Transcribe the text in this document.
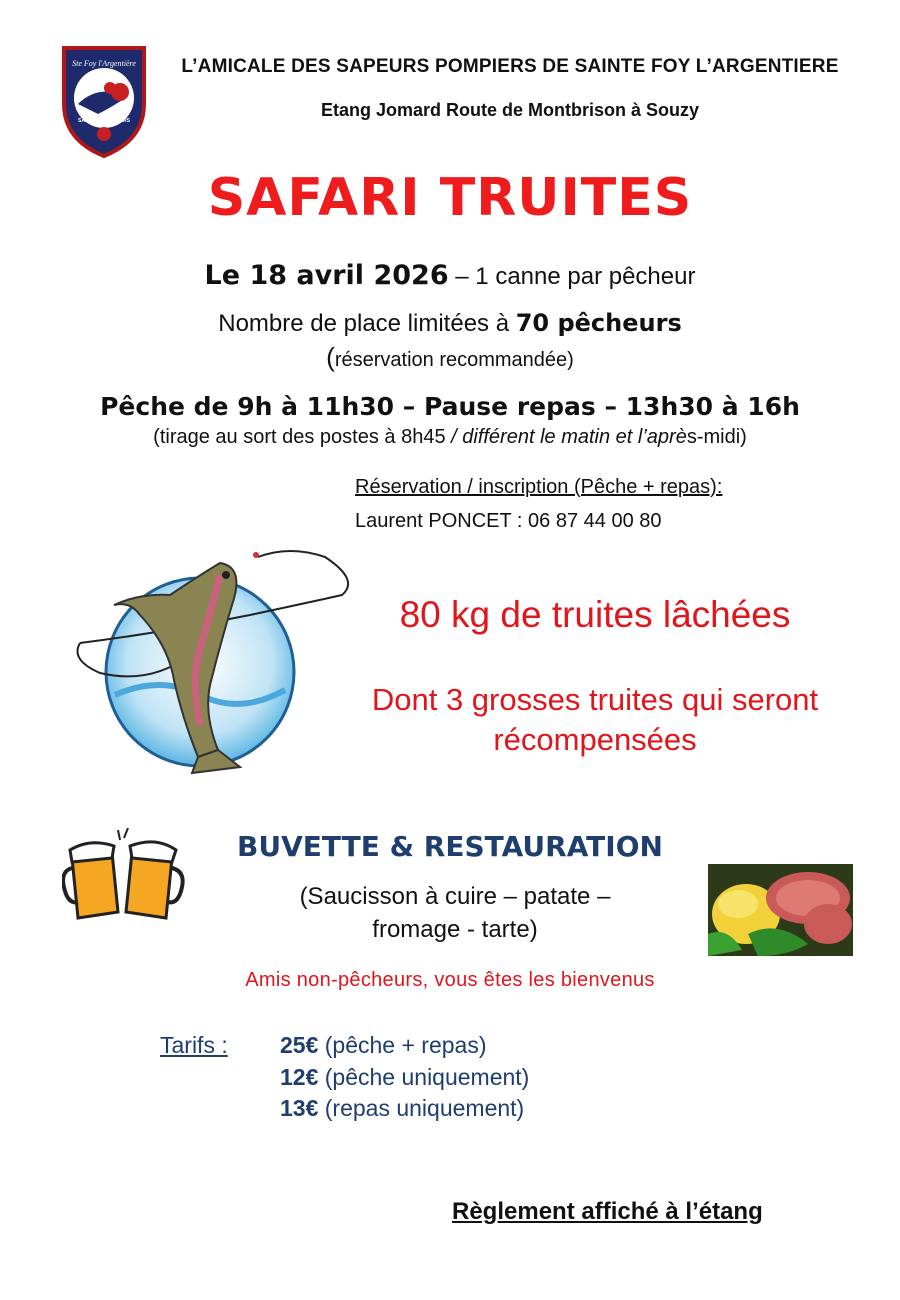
Ste Foy l'Argentière
SAPEURS POMPIERS
L’AMICALE DES SAPEURS POMPIERS DE SAINTE FOY L’ARGENTIERE
Etang Jomard Route de Montbrison à Souzy
SAFARI TRUITES
Le 18 avril 2026 – 1 canne par pêcheur
Nombre de place limitées à 70 pêcheurs
(réservation recommandée)
Pêche de 9h à 11h30 – Pause repas – 13h30 à 16h
(tirage au sort des postes à 8h45 / différent le matin et l’après-midi)
Réservation / inscription (Pêche + repas):
Laurent PONCET : 06 87 44 00 80
80 kg de truites lâchées
Dont 3 grosses truites qui seront récompensées
BUVETTE & RESTAURATION
(Saucisson à cuire – patate – fromage - tarte)
Amis non-pêcheurs, vous êtes les bienvenus
Tarifs : 25€ (pêche + repas)
12€ (pêche uniquement)
13€ (repas uniquement)
Règlement affiché à l’étang
